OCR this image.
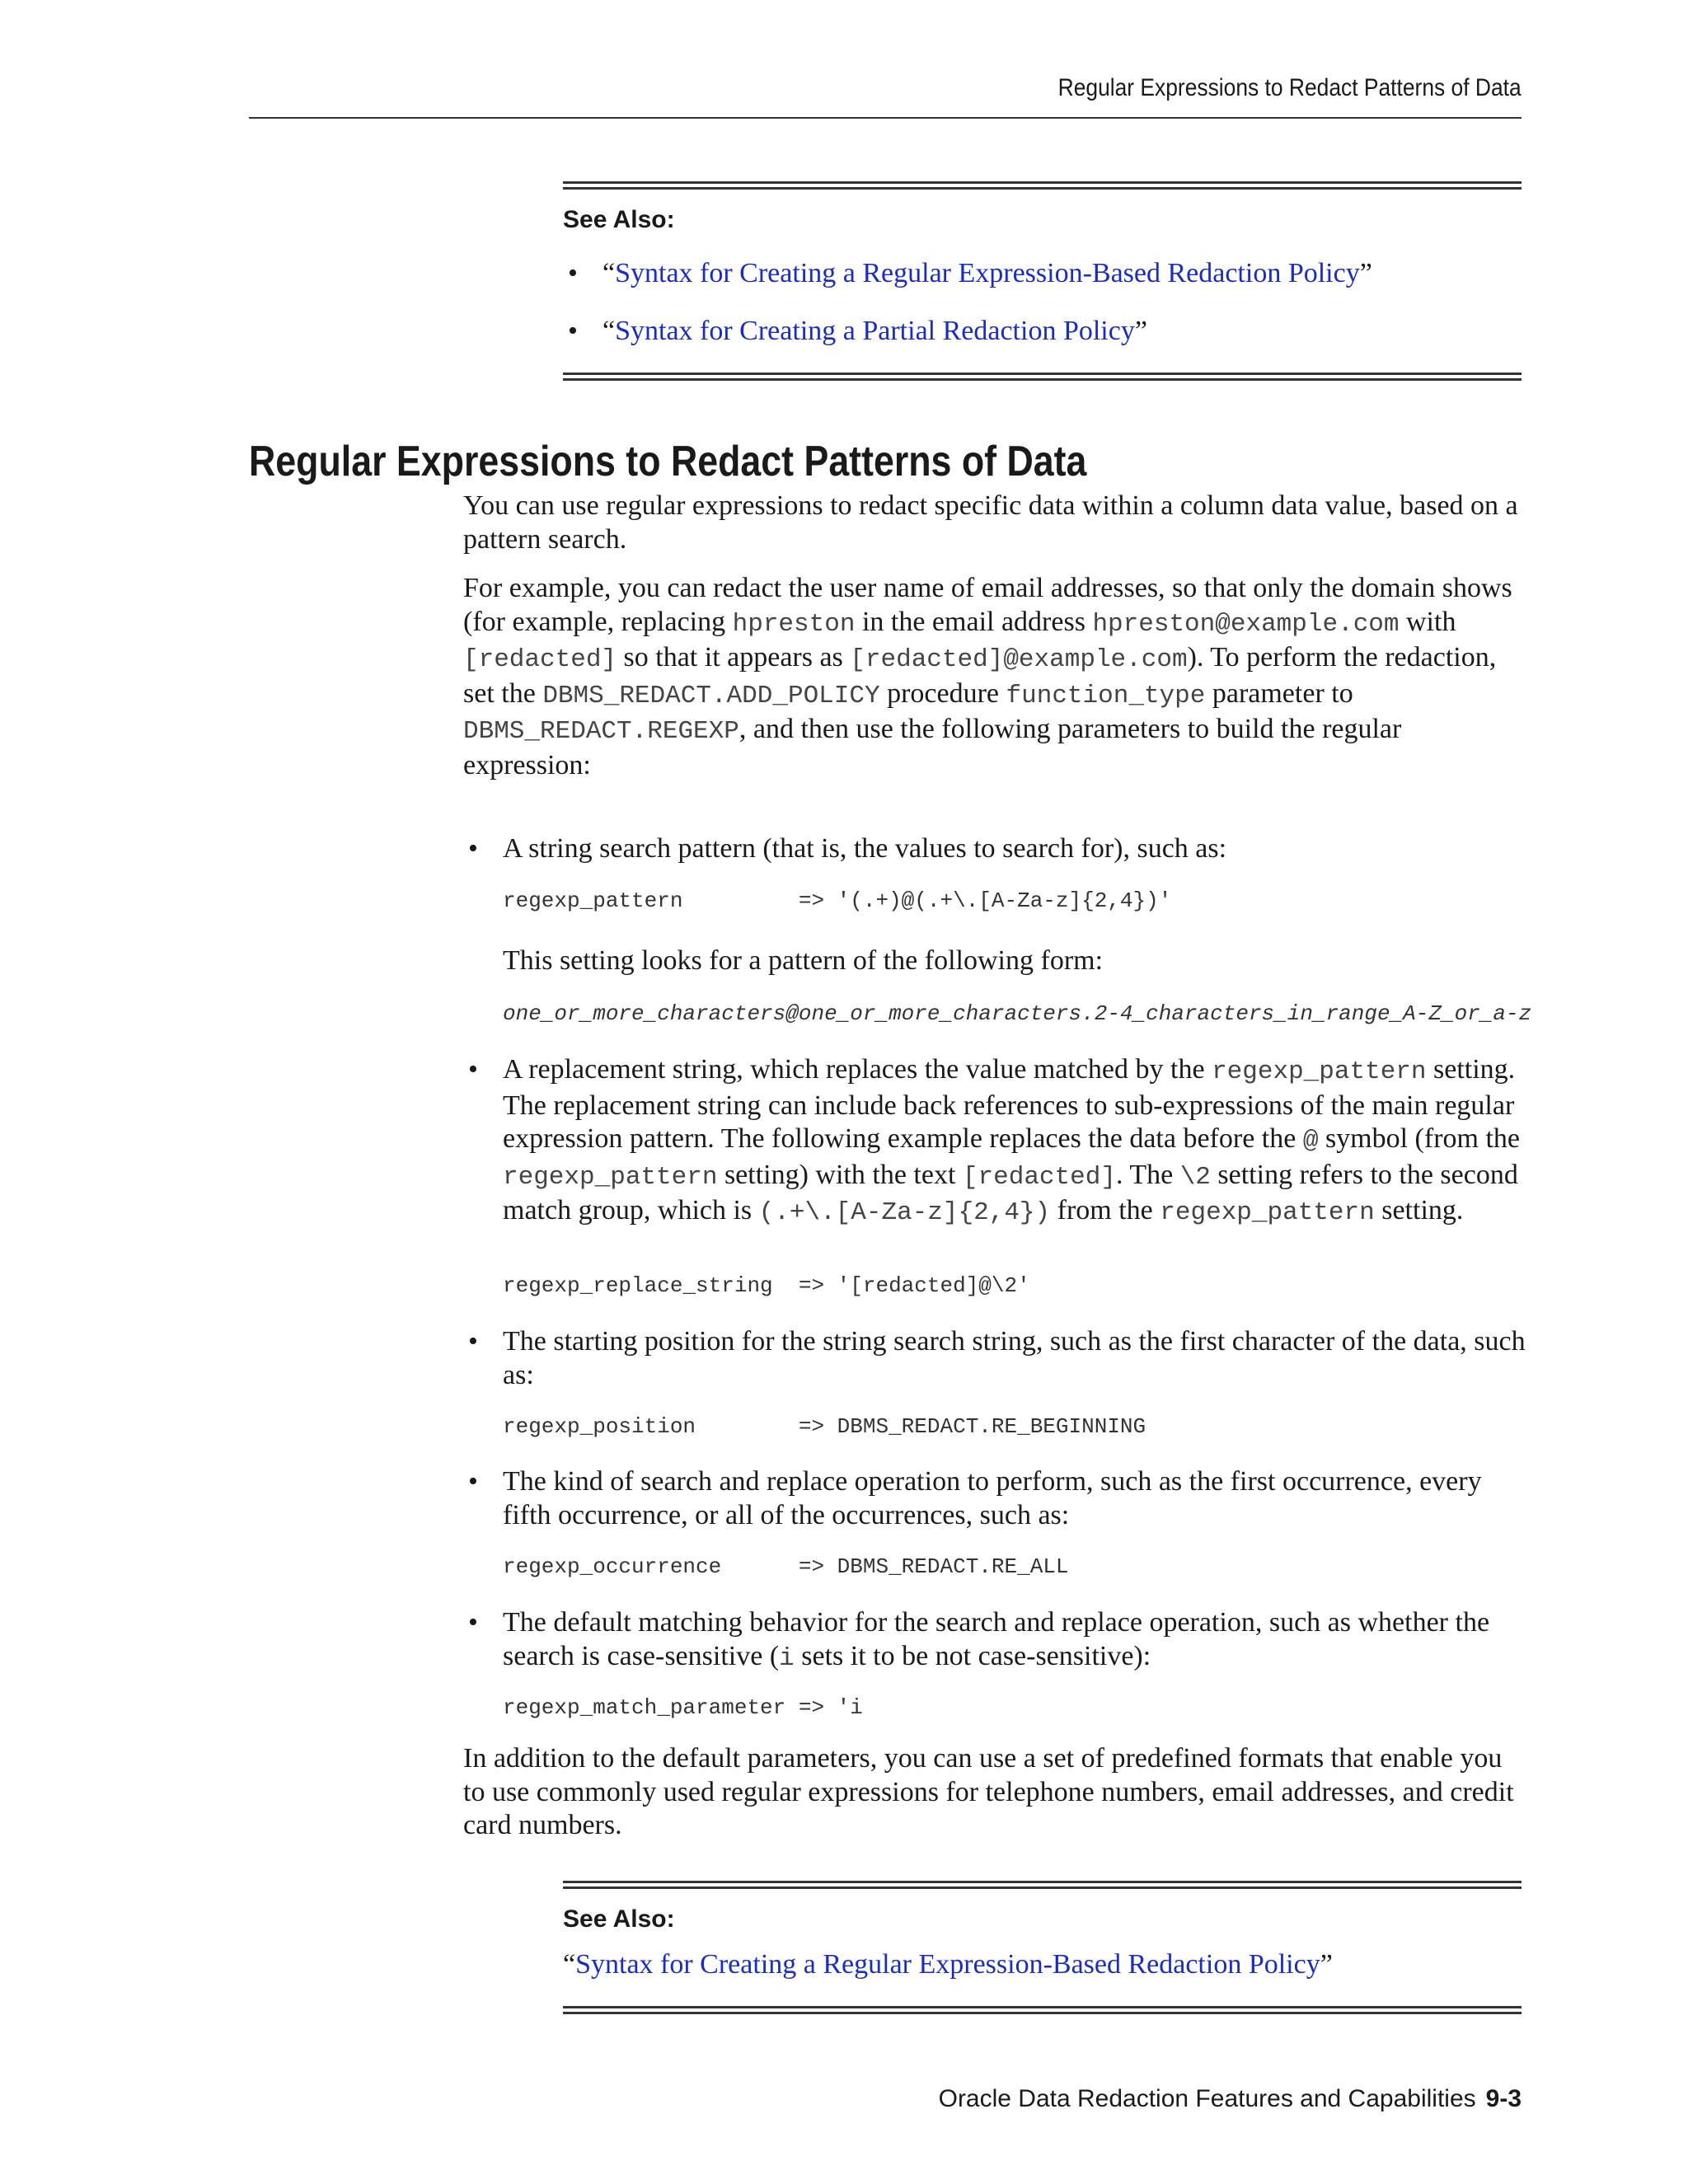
Regular Expressions to Redact Patterns of Data

See Also:

• “Syntax for Creating a Regular Expression-Based Redaction Policy”
• “Syntax for Creating a Partial Redaction Policy”
Regular Expressions to Redact Patterns of Data

You can use regular expressions to redact specific data within a column data value, based on a pattern search.

For example, you can redact the user name of email addresses, so that only the domain shows (for example, replacing hpreston in the email address hpreston@example.com with [redacted] so that it appears as [redacted]@example.com). To perform the redaction, set the DBMS_REDACT.ADD_POLICY procedure function_type parameter to DBMS_REDACT.REGEXP, and then use the following parameters to build the regular expression:

• A string search pattern (that is, the values to search for), such as:

regexp_pattern         => '(.+)@(.+\.[A-Za-z]{2,4})'

This setting looks for a pattern of the following form:

one_or_more_characters@one_or_more_characters.2-4_characters_in_range_A-Z_or_a-z
• A replacement string, which replaces the value matched by the regexp_pattern setting. The replacement string can include back references to sub-expressions of the main regular expression pattern. The following example replaces the data before the @ symbol (from the regexp_pattern setting) with the text [redacted]. The \2 setting refers to the second match group, which is (.+\.[A-Za-z]{2,4}) from the regexp_pattern setting.

regexp_replace_string  => '[redacted]@\2'
• The starting position for the string search string, such as the first character of the data, such as:

regexp_position        => DBMS_REDACT.RE_BEGINNING
• The kind of search and replace operation to perform, such as the first occurrence, every fifth occurrence, or all of the occurrences, such as:

regexp_occurrence      => DBMS_REDACT.RE_ALL
• The default matching behavior for the search and replace operation, such as whether the search is case-sensitive (i sets it to be not case-sensitive):

regexp_match_parameter => 'i

In addition to the default parameters, you can use a set of predefined formats that enable you to use commonly used regular expressions for telephone numbers, email addresses, and credit card numbers.

See Also:

“Syntax for Creating a Regular Expression-Based Redaction Policy”

Oracle Data Redaction Features and Capabilities 9-3
